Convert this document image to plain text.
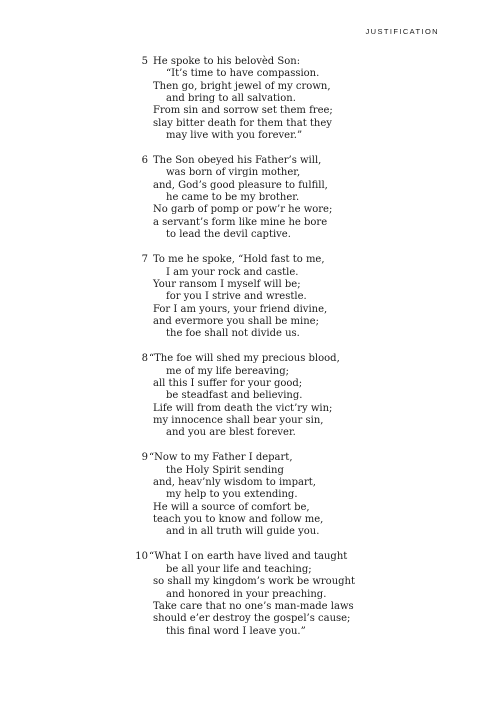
JUSTIFICATION
5 He spoke to his belovèd Son:
“It’s time to have compassion.
Then go, bright jewel of my crown,
and bring to all salvation.
From sin and sorrow set them free;
slay bitter death for them that they
may live with you forever.”
6 The Son obeyed his Father’s will,
was born of virgin mother,
and, God’s good pleasure to fulfill,
he came to be my brother.
No garb of pomp or pow’r he wore;
a servant’s form like mine he bore
to lead the devil captive.
7 To me he spoke, “Hold fast to me,
I am your rock and castle.
Your ransom I myself will be;
for you I strive and wrestle.
For I am yours, your friend divine,
and evermore you shall be mine;
the foe shall not divide us.
8 “The foe will shed my precious blood,
me of my life bereaving;
all this I suffer for your good;
be steadfast and believing.
Life will from death the vict’ry win;
my innocence shall bear your sin,
and you are blest forever.
9 “Now to my Father I depart,
the Holy Spirit sending
and, heav’nly wisdom to impart,
my help to you extending.
He will a source of comfort be,
teach you to know and follow me,
and in all truth will guide you.
10 “What I on earth have lived and taught
be all your life and teaching;
so shall my kingdom’s work be wrought
and honored in your preaching.
Take care that no one’s man-made laws
should e’er destroy the gospel’s cause;
this final word I leave you.”
